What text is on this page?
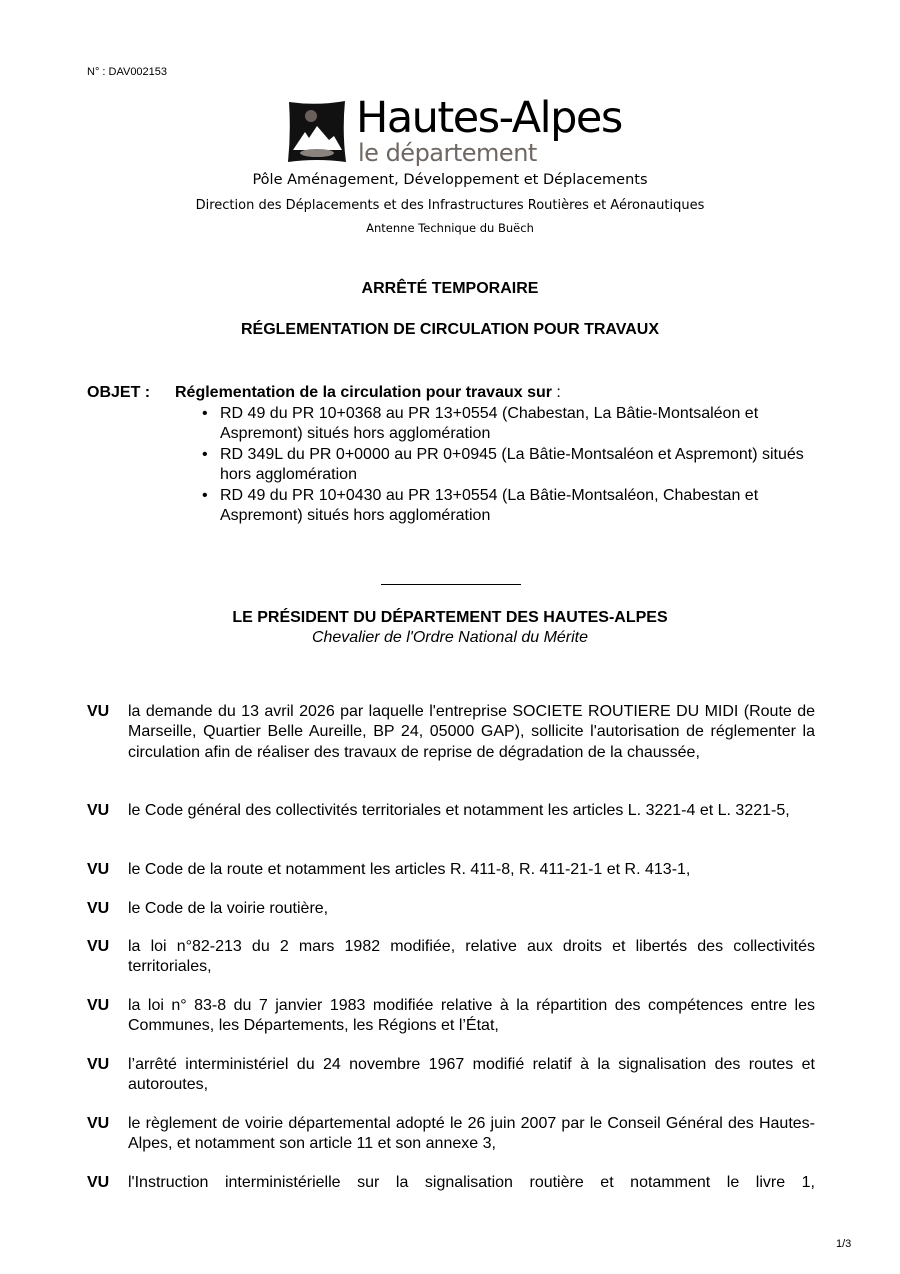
N° : DAV002153
Hautes-Alpes
le département
Pôle Aménagement, Développement et Déplacements
Direction des Déplacements et des Infrastructures Routières et Aéronautiques
Antenne Technique du Buëch
ARRÊTÉ TEMPORAIRE
RÉGLEMENTATION DE CIRCULATION POUR TRAVAUX
OBJET : Réglementation de la circulation pour travaux sur :
• RD 49 du PR 10+0368 au PR 13+0554 (Chabestan, La Bâtie-Montsaléon et Aspremont) situés hors agglomération
• RD 349L du PR 0+0000 au PR 0+0945 (La Bâtie-Montsaléon et Aspremont) situés hors agglomération
• RD 49 du PR 10+0430 au PR 13+0554 (La Bâtie-Montsaléon, Chabestan et Aspremont) situés hors agglomération
LE PRÉSIDENT DU DÉPARTEMENT DES HAUTES-ALPES
Chevalier de l'Ordre National du Mérite
VU la demande du 13 avril 2026 par laquelle l'entreprise SOCIETE ROUTIERE DU MIDI (Route de Marseille, Quartier Belle Aureille, BP 24, 05000 GAP), sollicite l'autorisation de réglementer la circulation afin de réaliser des travaux de reprise de dégradation de la chaussée,
VU le Code général des collectivités territoriales et notamment les articles L. 3221-4 et L. 3221-5,
VU le Code de la route et notamment les articles R. 411-8, R. 411-21-1 et R. 413-1,
VU le Code de la voirie routière,
VU la loi n°82-213 du 2 mars 1982 modifiée, relative aux droits et libertés des collectivités territoriales,
VU la loi n° 83-8 du 7 janvier 1983 modifiée relative à la répartition des compétences entre les Communes, les Départements, les Régions et l’État,
VU l’arrêté interministériel du 24 novembre 1967 modifié relatif à la signalisation des routes et autoroutes,
VU le règlement de voirie départemental adopté le 26 juin 2007 par le Conseil Général des Hautes-Alpes, et notamment son article 11 et son annexe 3,
VU l'Instruction interministérielle sur la signalisation routière et notamment le livre 1,
1/3
